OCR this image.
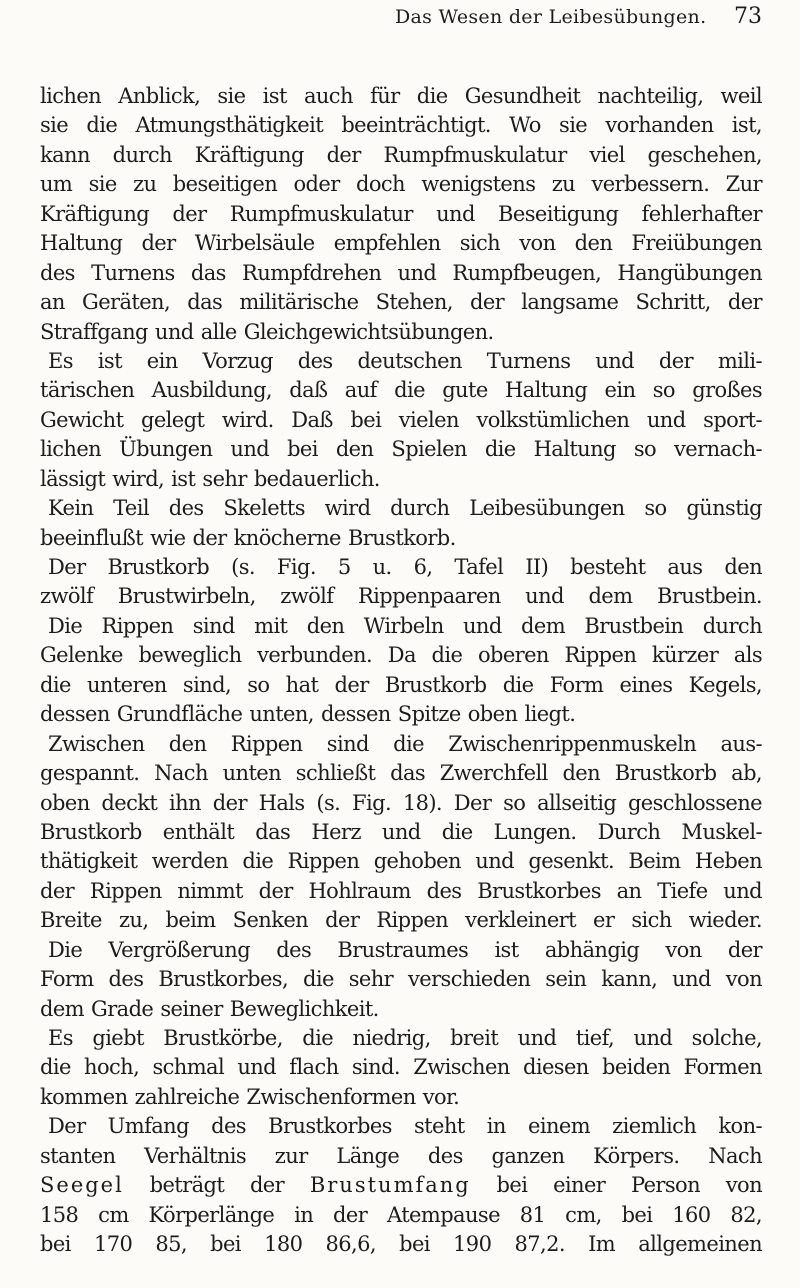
Das Wesen der Leibesübungen. 73
lichen Anblick, sie ist auch für die Gesundheit nachteilig, weil
sie die Atmungsthätigkeit beeinträchtigt. Wo sie vorhanden ist,
kann durch Kräftigung der Rumpfmuskulatur viel geschehen,
um sie zu beseitigen oder doch wenigstens zu verbessern. Zur
Kräftigung der Rumpfmuskulatur und Beseitigung fehlerhafter
Haltung der Wirbelsäule empfehlen sich von den Freiübungen
des Turnens das Rumpfdrehen und Rumpfbeugen, Hangübungen
an Geräten, das militärische Stehen, der langsame Schritt, der
Straffgang und alle Gleichgewichtsübungen.
Es ist ein Vorzug des deutschen Turnens und der mili-
tärischen Ausbildung, daß auf die gute Haltung ein so großes
Gewicht gelegt wird. Daß bei vielen volkstümlichen und sport-
lichen Übungen und bei den Spielen die Haltung so vernach-
lässigt wird, ist sehr bedauerlich.
Kein Teil des Skeletts wird durch Leibesübungen so günstig
beeinflußt wie der knöcherne Brustkorb.
Der Brustkorb (s. Fig. 5 u. 6, Tafel II) besteht aus den
zwölf Brustwirbeln, zwölf Rippenpaaren und dem Brustbein.
Die Rippen sind mit den Wirbeln und dem Brustbein durch
Gelenke beweglich verbunden. Da die oberen Rippen kürzer als
die unteren sind, so hat der Brustkorb die Form eines Kegels,
dessen Grundfläche unten, dessen Spitze oben liegt.
Zwischen den Rippen sind die Zwischenrippenmuskeln aus-
gespannt. Nach unten schließt das Zwerchfell den Brustkorb ab,
oben deckt ihn der Hals (s. Fig. 18). Der so allseitig geschlossene
Brustkorb enthält das Herz und die Lungen. Durch Muskel-
thätigkeit werden die Rippen gehoben und gesenkt. Beim Heben
der Rippen nimmt der Hohlraum des Brustkorbes an Tiefe und
Breite zu, beim Senken der Rippen verkleinert er sich wieder.
Die Vergrößerung des Brustraumes ist abhängig von der
Form des Brustkorbes, die sehr verschieden sein kann, und von
dem Grade seiner Beweglichkeit.
Es giebt Brustkörbe, die niedrig, breit und tief, und solche,
die hoch, schmal und flach sind. Zwischen diesen beiden Formen
kommen zahlreiche Zwischenformen vor.
Der Umfang des Brustkorbes steht in einem ziemlich kon-
stanten Verhältnis zur Länge des ganzen Körpers. Nach
Seegel beträgt der Brustumfang bei einer Person von
158 cm Körperlänge in der Atempause 81 cm, bei 160 82,
bei 170 85, bei 180 86,6, bei 190 87,2. Im allgemeinen
